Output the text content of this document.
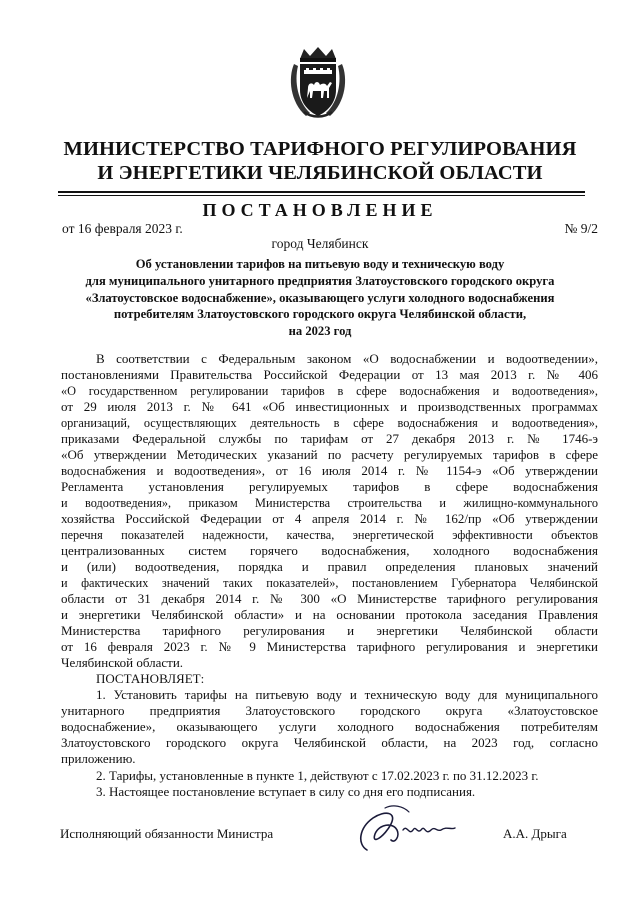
МИНИСТЕРСТВО ТАРИФНОГО РЕГУЛИРОВАНИЯ
И ЭНЕРГЕТИКИ ЧЕЛЯБИНСКОЙ ОБЛАСТИ
ПОСТАНОВЛЕНИЕ
от 16 февраля 2023 г.	№ 9/2
город Челябинск
Об установлении тарифов на питьевую воду и техническую воду
для муниципального унитарного предприятия Златоустовского городского округа
«Златоустовское водоснабжение», оказывающего услуги холодного водоснабжения
потребителям Златоустовского городского округа Челябинской области,
на 2023 год
В соответствии с Федеральным законом «О водоснабжении и водоотведении»,
постановлениями Правительства Российской Федерации от 13 мая 2013 г. № 406
«О государственном регулировании тарифов в сфере водоснабжения и водоотведения»,
от 29 июля 2013 г. № 641 «Об инвестиционных и производственных программах
организаций, осуществляющих деятельность в сфере водоснабжения и водоотведения»,
приказами Федеральной службы по тарифам от 27 декабря 2013 г. № 1746-э
«Об утверждении Методических указаний по расчету регулируемых тарифов в сфере
водоснабжения и водоотведения», от 16 июля 2014 г. № 1154-э «Об утверждении
Регламента установления регулируемых тарифов в сфере водоснабжения
и водоотведения», приказом Министерства строительства и жилищно-коммунального
хозяйства Российской Федерации от 4 апреля 2014 г. № 162/пр «Об утверждении
перечня показателей надежности, качества, энергетической эффективности объектов
централизованных систем горячего водоснабжения, холодного водоснабжения
и (или) водоотведения, порядка и правил определения плановых значений
и фактических значений таких показателей», постановлением Губернатора Челябинской
области от 31 декабря 2014 г. № 300 «О Министерстве тарифного регулирования
и энергетики Челябинской области» и на основании протокола заседания Правления
Министерства тарифного регулирования и энергетики Челябинской области
от 16 февраля 2023 г. № 9 Министерства тарифного регулирования и энергетики
Челябинской области.
ПОСТАНОВЛЯЕТ:
1. Установить тарифы на питьевую воду и техническую воду для муниципального
унитарного предприятия Златоустовского городского округа «Златоустовское
водоснабжение», оказывающего услуги холодного водоснабжения потребителям
Златоустовского городского округа Челябинской области, на 2023 год, согласно
приложению.
2. Тарифы, установленные в пункте 1, действуют с 17.02.2023 г. по 31.12.2023 г.
3. Настоящее постановление вступает в силу со дня его подписания.
Исполняющий обязанности Министра	А.А. Дрыга
